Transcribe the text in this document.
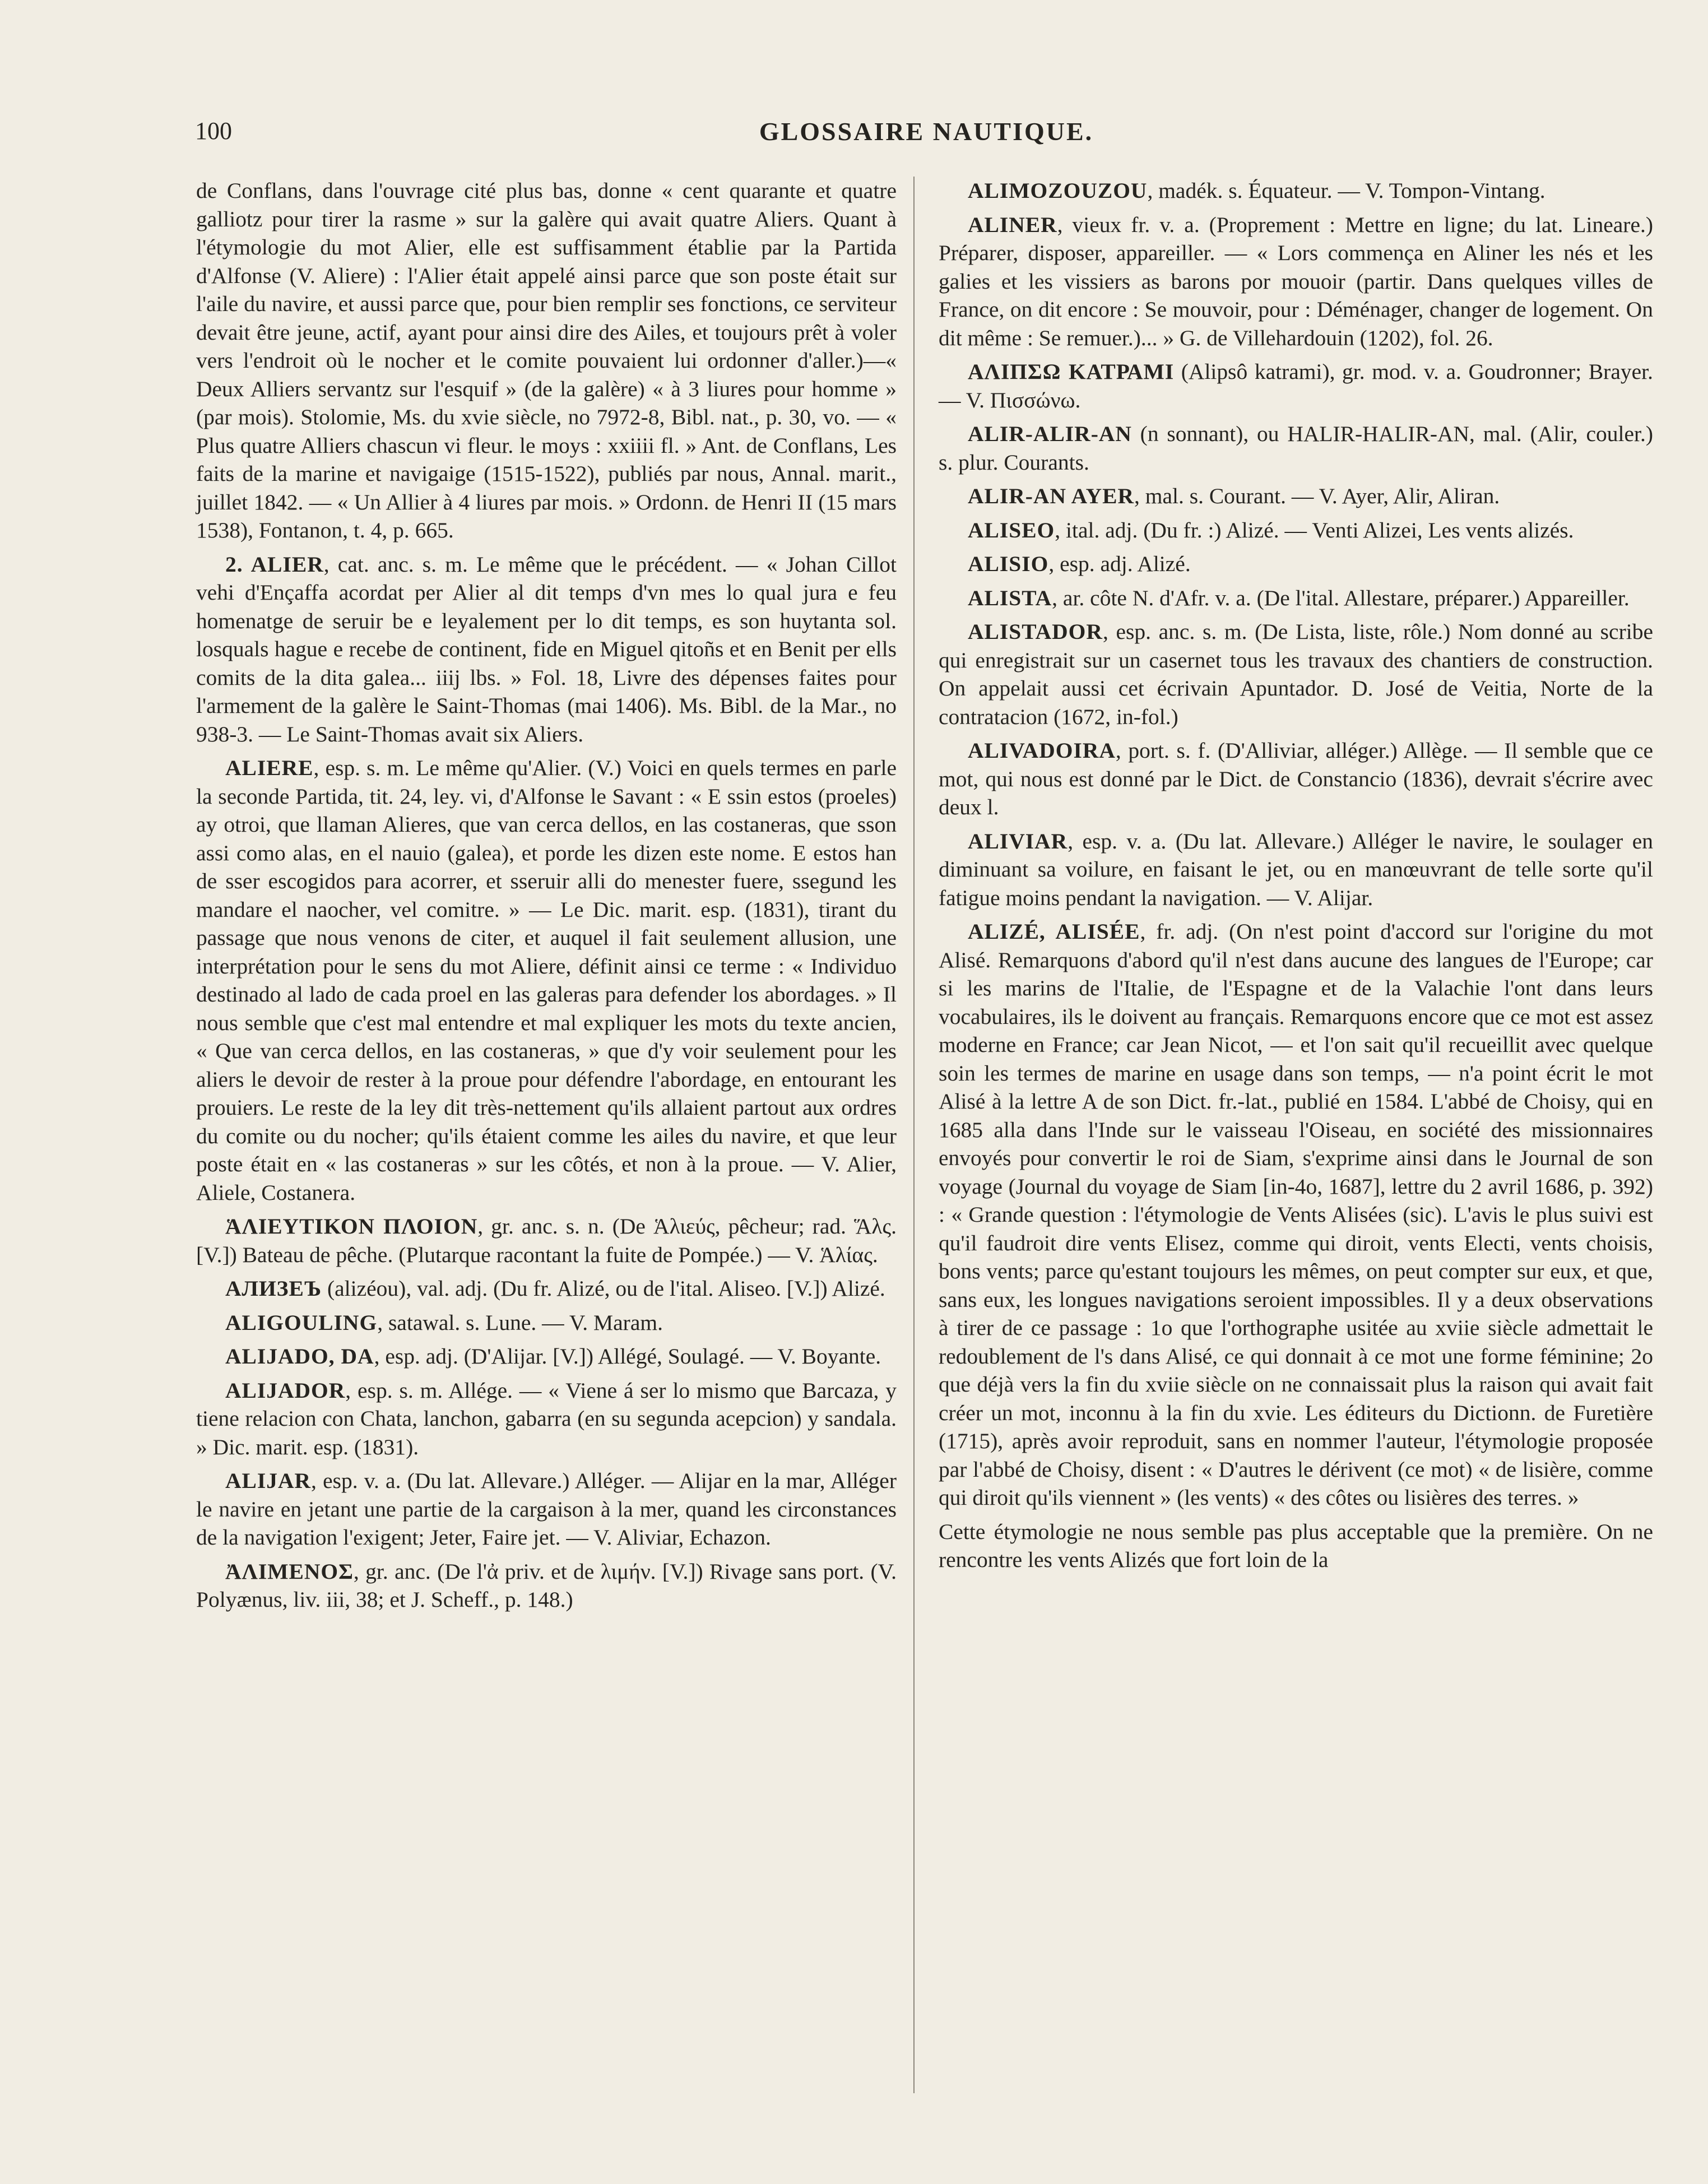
100	GLOSSAIRE NAUTIQUE.

de Conflans, dans l'ouvrage cité plus bas, donne « cent quarante et quatre galliotz pour tirer la rasme » sur la galère qui avait quatre Aliers. Quant à l'étymologie du mot Alier, elle est suffisamment établie par la Partida d'Alfonse (V. Aliere) : l'Alier était appelé ainsi parce que son poste était sur l'aile du navire, et aussi parce que, pour bien remplir ses fonctions, ce serviteur devait être jeune, actif, ayant pour ainsi dire des Ailes, et toujours prêt à voler vers l'endroit où le nocher et le comite pouvaient lui ordonner d'aller.)—« Deux Alliers servantz sur l'esquif » (de la galère) « à 3 liures pour homme » (par mois). Stolomie, Ms. du xvie siècle, no 7972-8, Bibl. nat., p. 30, vo. — « Plus quatre Alliers chascun vi fleur. le moys : xxiiii fl. » Ant. de Conflans, Les faits de la marine et navigaige (1515-1522), publiés par nous, Annal. marit., juillet 1842. — « Un Allier à 4 liures par mois. » Ordonn. de Henri II (15 mars 1538), Fontanon, t. 4, p. 665.

2. ALIER, cat. anc. s. m. Le même que le précédent. — « Johan Cillot vehi d'Ençaffa acordat per Alier al dit temps d'vn mes lo qual jura e feu homenatge de seruir be e leyalement per lo dit temps, es son huytanta sol. losquals hague e recebe de continent, fide en Miguel qitoñs et en Benit per ells comits de la dita galea... iiij lbs. » Fol. 18, Livre des dépenses faites pour l'armement de la galère le Saint-Thomas (mai 1406). Ms. Bibl. de la Mar., no 938-3. — Le Saint-Thomas avait six Aliers.

ALIERE, esp. s. m. Le même qu'Alier. (V.) Voici en quels termes en parle la seconde Partida, tit. 24, ley. vi, d'Alfonse le Savant : « E ssin estos (proeles) ay otroi, que llaman Alieres, que van cerca dellos, en las costaneras, que sson assi como alas, en el nauio (galea), et porde les dizen este nome. E estos han de sser escogidos para acorrer, et sseruir alli do menester fuere, ssegund les mandare el naocher, vel comitre. » — Le Dic. marit. esp. (1831), tirant du passage que nous venons de citer, et auquel il fait seulement allusion, une interprétation pour le sens du mot Aliere, définit ainsi ce terme : « Individuo destinado al lado de cada proel en las galeras para defender los abordages. » Il nous semble que c'est mal entendre et mal expliquer les mots du texte ancien, « Que van cerca dellos, en las costaneras, » que d'y voir seulement pour les aliers le devoir de rester à la proue pour défendre l'abordage, en entourant les prouiers. Le reste de la ley dit très-nettement qu'ils allaient partout aux ordres du comite ou du nocher; qu'ils étaient comme les ailes du navire, et que leur poste était en « las costaneras » sur les côtés, et non à la proue. — V. Alier, Aliele, Costanera.

ἉΛΙΕΥΤΙΚΟΝ ΠΛΟΙΟΝ, gr. anc. s. n. (De Ἁλιεύς, pêcheur; rad. Ἅλς. [V.]) Bateau de pêche. (Plutarque racontant la fuite de Pompée.) — V. Ἁλίας.

АЛИЗЕЪ (alizéou), val. adj. (Du fr. Alizé, ou de l'ital. Aliseo. [V.]) Alizé.

ALIGOULING, satawal. s. Lune. — V. Maram.

ALIJADO, DA, esp. adj. (D'Alijar. [V.]) Allégé, Soulagé. — V. Boyante.

ALIJADOR, esp. s. m. Allége. — « Viene á ser lo mismo que Barcaza, y tiene relacion con Chata, lanchon, gabarra (en su segunda acepcion) y sandala. » Dic. marit. esp. (1831).

ALIJAR, esp. v. a. (Du lat. Allevare.) Alléger. — Alijar en la mar, Alléger le navire en jetant une partie de la cargaison à la mer, quand les circonstances de la navigation l'exigent; Jeter, Faire jet. — V. Aliviar, Echazon.

ἈΛΙΜΕΝΟΣ, gr. anc. (De l'ἀ priv. et de λιμήν. [V.]) Rivage sans port. (V. Polyænus, liv. iii, 38; et J. Scheff., p. 148.)

ALIMOZOUZOU, madék. s. Équateur. — V. Tompon-Vintang.

ALINER, vieux fr. v. a. (Proprement : Mettre en ligne; du lat. Lineare.) Préparer, disposer, appareiller. — « Lors commença en Aliner les nés et les galies et les vissiers as barons por mouoir (partir. Dans quelques villes de France, on dit encore : Se mouvoir, pour : Déménager, changer de logement. On dit même : Se remuer.)... » G. de Villehardouin (1202), fol. 26.

ΑΛΙΠΣΩ ΚΑΤΡΑΜΙ (Alipsô katrami), gr. mod. v. a. Goudronner; Brayer. — V. Πισσώνω.

ALIR-ALIR-AN (n sonnant), ou HALIR-HALIR-AN, mal. (Alir, couler.) s. plur. Courants.

ALIR-AN AYER, mal. s. Courant. — V. Ayer, Alir, Aliran.

ALISEO, ital. adj. (Du fr. :) Alizé. — Venti Alizei, Les vents alizés.

ALISIO, esp. adj. Alizé.

ALISTA, ar. côte N. d'Afr. v. a. (De l'ital. Allestare, préparer.) Appareiller.

ALISTADOR, esp. anc. s. m. (De Lista, liste, rôle.) Nom donné au scribe qui enregistrait sur un casernet tous les travaux des chantiers de construction. On appelait aussi cet écrivain Apuntador. D. José de Veitia, Norte de la contratacion (1672, in-fol.)

ALIVADOIRA, port. s. f. (D'Alliviar, alléger.) Allège. — Il semble que ce mot, qui nous est donné par le Dict. de Constancio (1836), devrait s'écrire avec deux l.

ALIVIAR, esp. v. a. (Du lat. Allevare.) Alléger le navire, le soulager en diminuant sa voilure, en faisant le jet, ou en manœuvrant de telle sorte qu'il fatigue moins pendant la navigation. — V. Alijar.

ALIZÉ, ALISÉE, fr. adj. (On n'est point d'accord sur l'origine du mot Alisé. Remarquons d'abord qu'il n'est dans aucune des langues de l'Europe; car si les marins de l'Italie, de l'Espagne et de la Valachie l'ont dans leurs vocabulaires, ils le doivent au français. Remarquons encore que ce mot est assez moderne en France; car Jean Nicot, — et l'on sait qu'il recueillit avec quelque soin les termes de marine en usage dans son temps, — n'a point écrit le mot Alisé à la lettre A de son Dict. fr.-lat., publié en 1584. L'abbé de Choisy, qui en 1685 alla dans l'Inde sur le vaisseau l'Oiseau, en société des missionnaires envoyés pour convertir le roi de Siam, s'exprime ainsi dans le Journal de son voyage (Journal du voyage de Siam [in-4o, 1687], lettre du 2 avril 1686, p. 392) : « Grande question : l'étymologie de Vents Alisées (sic). L'avis le plus suivi est qu'il faudroit dire vents Elisez, comme qui diroit, vents Electi, vents choisis, bons vents; parce qu'estant toujours les mêmes, on peut compter sur eux, et que, sans eux, les longues navigations seroient impossibles. Il y a deux observations à tirer de ce passage : 1o que l'orthographe usitée au xviie siècle admettait le redoublement de l's dans Alisé, ce qui donnait à ce mot une forme féminine; 2o que déjà vers la fin du xviie siècle on ne connaissait plus la raison qui avait fait créer un mot, inconnu à la fin du xvie. Les éditeurs du Dictionn. de Furetière (1715), après avoir reproduit, sans en nommer l'auteur, l'étymologie proposée par l'abbé de Choisy, disent : « D'autres le dérivent (ce mot) « de lisière, comme qui diroit qu'ils viennent » (les vents) « des côtes ou lisières des terres. »

Cette étymologie ne nous semble pas plus acceptable que la première. On ne rencontre les vents Alizés que fort loin de la
